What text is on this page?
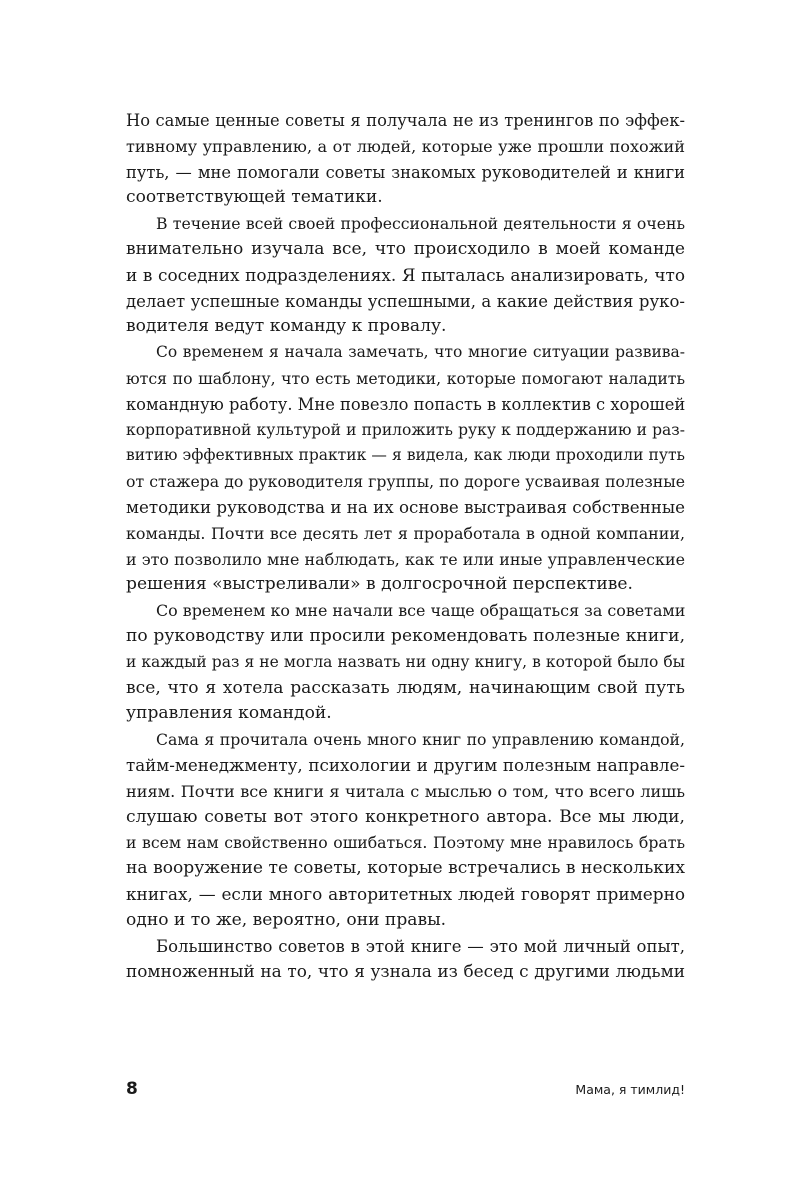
Но самые ценные советы я получала не из тренингов по эффек-
тивному управлению, а от людей, которые уже прошли похожий
путь, — мне помогали советы знакомых руководителей и книги
соответствующей тематики.
В течение всей своей профессиональной деятельности я очень
внимательно изучала все, что происходило в моей команде
и в соседних подразделениях. Я пыталась анализировать, что
делает успешные команды успешными, а какие действия руко-
водителя ведут команду к провалу.
Со временем я начала замечать, что многие ситуации развива-
ются по шаблону, что есть методики, которые помогают наладить
командную работу. Мне повезло попасть в коллектив с хорошей
корпоративной культурой и приложить руку к поддержанию и раз-
витию эффективных практик — я видела, как люди проходили путь
от стажера до руководителя группы, по дороге усваивая полезные
методики руководства и на их основе выстраивая собственные
команды. Почти все десять лет я проработала в одной компании,
и это позволило мне наблюдать, как те или иные управленческие
решения «выстреливали» в долгосрочной перспективе.
Со временем ко мне начали все чаще обращаться за советами
по руководству или просили рекомендовать полезные книги,
и каждый раз я не могла назвать ни одну книгу, в которой было бы
все, что я хотела рассказать людям, начинающим свой путь
управления командой.
Сама я прочитала очень много книг по управлению командой,
тайм-менеджменту, психологии и другим полезным направле-
ниям. Почти все книги я читала с мыслью о том, что всего лишь
слушаю советы вот этого конкретного автора. Все мы люди,
и всем нам свойственно ошибаться. Поэтому мне нравилось брать
на вооружение те советы, которые встречались в нескольких
книгах, — если много авторитетных людей говорят примерно
одно и то же, вероятно, они правы.
Большинство советов в этой книге — это мой личный опыт,
помноженный на то, что я узнала из бесед с другими людьми
8	Мама, я тимлид!
